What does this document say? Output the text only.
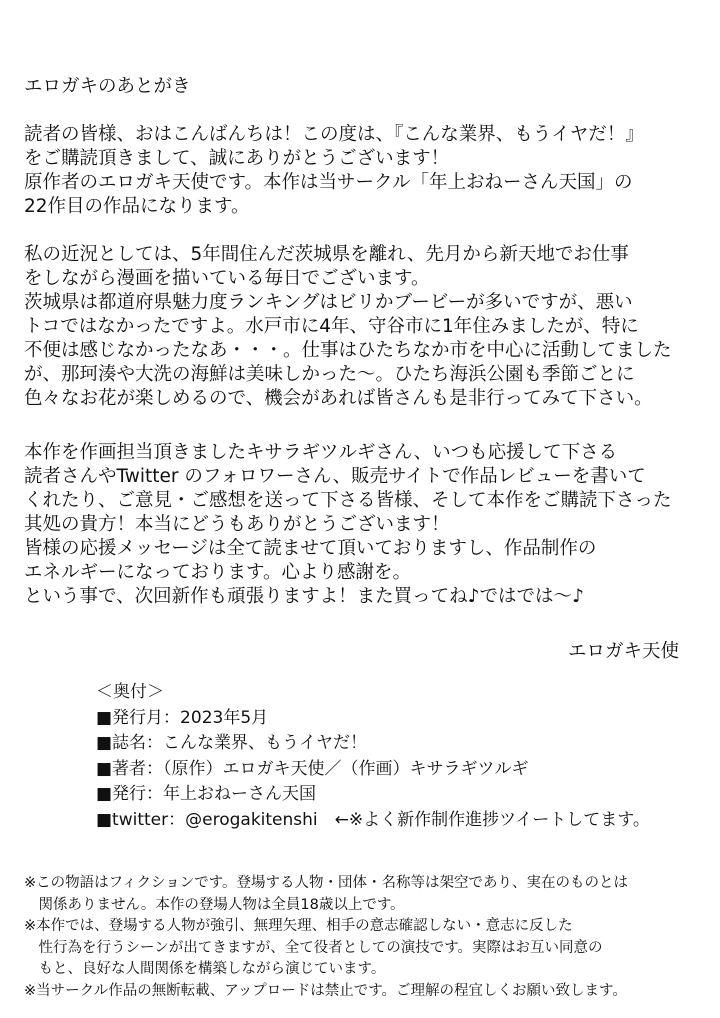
エロガキのあとがき
読者の皆様、おはこんばんちは！この度は、『こんな業界、もうイヤだ！』
をご購読頂きまして、誠にありがとうございます！
原作者のエロガキ天使です。本作は当サークル「年上おねーさん天国」の
22作目の作品になります。
私の近況としては、5年間住んだ茨城県を離れ、先月から新天地でお仕事
をしながら漫画を描いている毎日でございます。
茨城県は都道府県魅力度ランキングはビリかブービーが多いですが、悪い
トコではなかったですよ。水戸市に4年、守谷市に1年住みましたが、特に
不便は感じなかったなあ・・・。仕事はひたちなか市を中心に活動してました
が、那珂湊や大洗の海鮮は美味しかった～。ひたち海浜公園も季節ごとに
色々なお花が楽しめるので、機会があれば皆さんも是非行ってみて下さい。
本作を作画担当頂きましたキサラギツルギさん、いつも応援して下さる
読者さんやTwitter のフォロワーさん、販売サイトで作品レビューを書いて
くれたり、ご意見・ご感想を送って下さる皆様、そして本作をご購読下さった
其処の貴方！本当にどうもありがとうございます！
皆様の応援メッセージは全て読ませて頂いておりますし、作品制作の
エネルギーになっております。心より感謝を。
という事で、次回新作も頑張りますよ！また買ってね♪ではでは～♪
エロガキ天使
＜奥付＞
■発行月：2023年5月
■誌名：こんな業界、もうイヤだ！
■著者：（原作）エロガキ天使／（作画）キサラギツルギ
■発行：年上おねーさん天国
■twitter：@erogakitenshi　←※よく新作制作進捗ツイートしてます。
※この物語はフィクションです。登場する人物・団体・名称等は架空であり、実在のものとは
　関係ありません。本作の登場人物は全員18歳以上です。
※本作では、登場する人物が強引、無理矢理、相手の意志確認しない・意志に反した
　性行為を行うシーンが出てきますが、全て役者としての演技です。実際はお互い同意の
　もと、良好な人間関係を構築しながら演じています。
※当サークル作品の無断転載、アップロードは禁止です。ご理解の程宜しくお願い致します。
